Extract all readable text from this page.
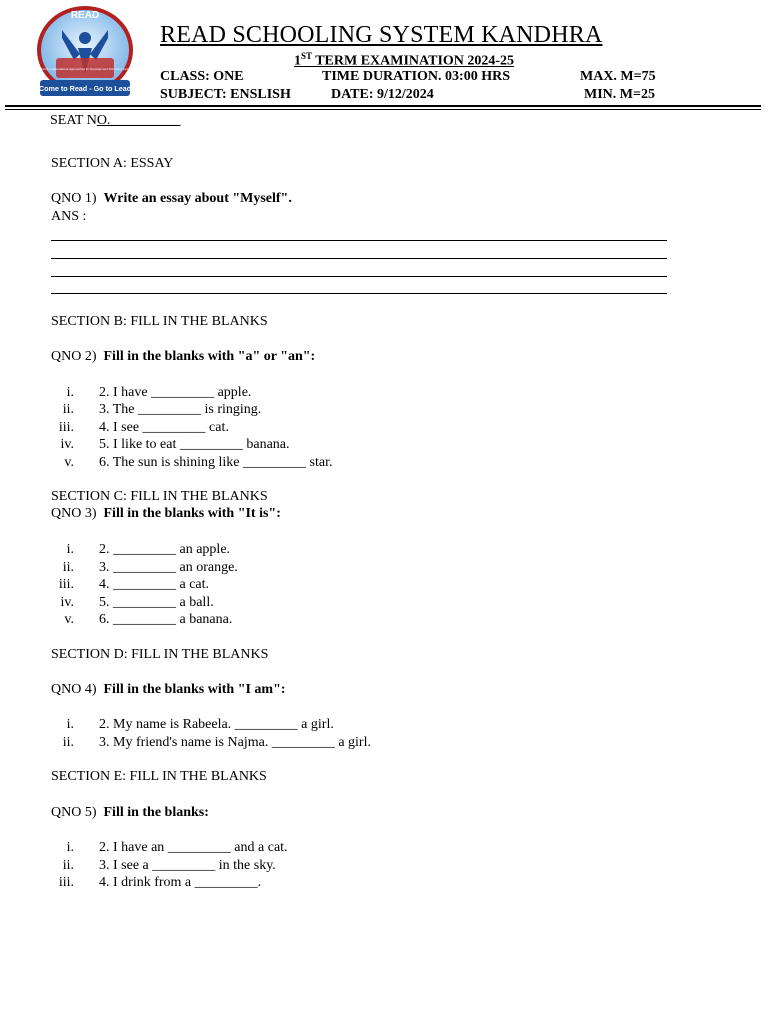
READ
Reforms in Educational Approaches for Development Schooling System
Come to Read - Go to Lead
READ SCHOOLING SYSTEM KANDHRA
1ST TERM EXAMINATION 2024-25
CLASS: ONE	TIME DURATION. 03:00 HRS	MAX. M=75
SUBJECT: ENSLISH	DATE: 9/12/2024	MIN. M=25
SEAT NO.__________
SECTION A: ESSAY
QNO 1) Write an essay about "Myself".
ANS :
SECTION B: FILL IN THE BLANKS
QNO 2) Fill in the blanks with "a" or "an":
i. 2. I have _________ apple.
ii. 3. The _________ is ringing.
iii. 4. I see _________ cat.
iv. 5. I like to eat _________ banana.
v. 6. The sun is shining like _________ star.
SECTION C: FILL IN THE BLANKS
QNO 3) Fill in the blanks with "It is":
i. 2. _________ an apple.
ii. 3. _________ an orange.
iii. 4. _________ a cat.
iv. 5. _________ a ball.
v. 6. _________ a banana.
SECTION D: FILL IN THE BLANKS
QNO 4) Fill in the blanks with "I am":
i. 2. My name is Rabeela. _________ a girl.
ii. 3. My friend's name is Najma. _________ a girl.
SECTION E: FILL IN THE BLANKS
QNO 5) Fill in the blanks:
i. 2. I have an _________ and a cat.
ii. 3. I see a _________ in the sky.
iii. 4. I drink from a _________.
